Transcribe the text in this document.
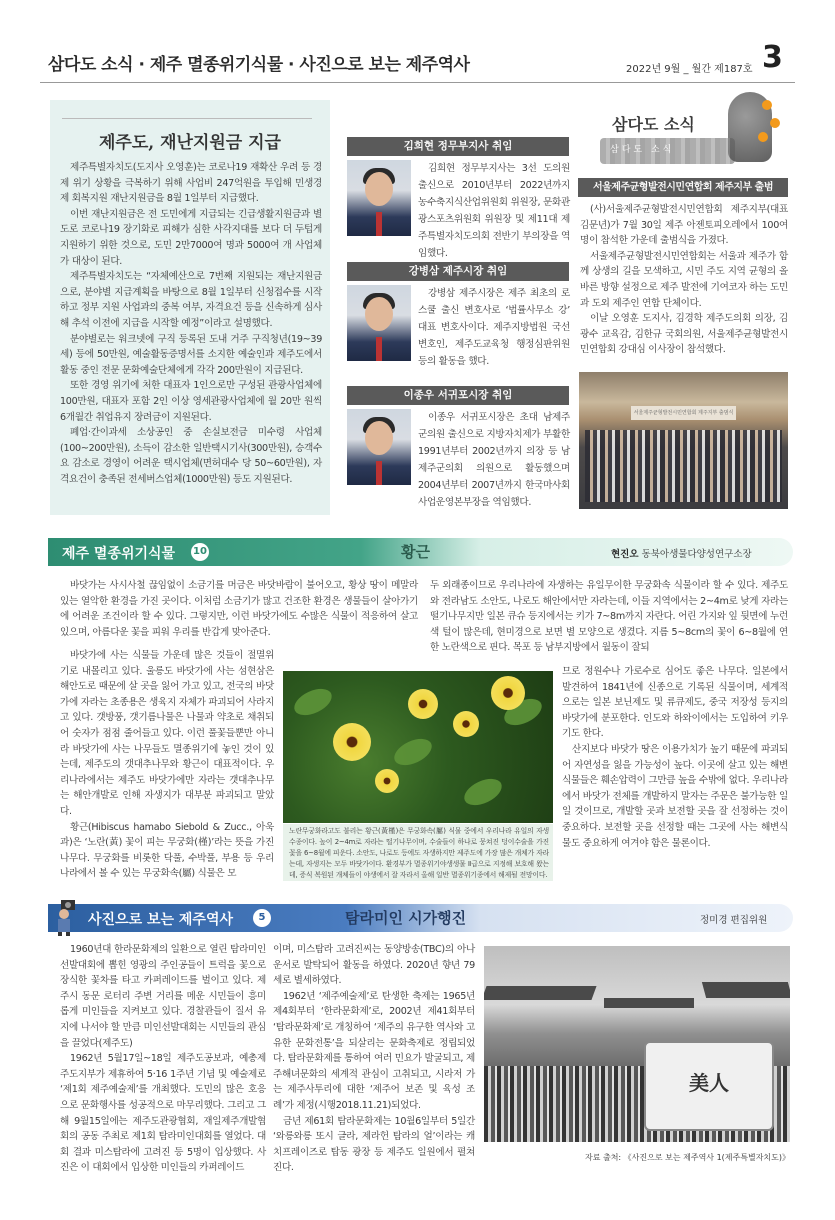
삼다도 소식 · 제주 멸종위기식물 · 사진으로 보는 제주역사	2022년 9월 _ 월간 제187호 3
제주도, 재난지원금 지급

제주특별자치도(도지사 오영훈)는 코로나19 재확산 우려 등 경제 위기 상황을 극복하기 위해 사업비 247억원을 투입해 민생경제 회복지원 재난지원금을 8월 1일부터 지급했다.

이번 재난지원금은 전 도민에게 지급되는 긴급생활지원금과 별도로 코로나19 장기화로 피해가 심한 사각지대를 보다 더 두텁게 지원하기 위한 것으로, 도민 2만7000여 명과 5000여 개 사업체가 대상이 된다.

제주특별자치도는 “자체예산으로 7번째 지원되는 재난지원금으로, 분야별 지급계획을 바탕으로 8월 1일부터 신청접수를 시작하고 정부 지원 사업과의 중복 여부, 자격요건 등을 신속하게 심사해 추석 이전에 지급을 시작할 예정”이라고 설명했다.

분야별로는 워크넷에 구직 등록된 도내 거주 구직청년(19~39세) 등에 50만원, 예술활동증명서를 소지한 예술인과 제주도에서 활동 중인 전문 문화예술단체에게 각각 200만원이 지급된다.

또한 경영 위기에 처한 대표자 1인으로만 구성된 관광사업체에 100만원, 대표자 포함 2인 이상 영세관광사업체에 월 20만 원씩 6개월간 취업유지 장려금이 지원된다.

폐업·간이과세 소상공인 중 손실보전금 미수령 사업체(100~200만원), 소득이 감소한 일반택시기사(300만원), 승객수요 감소로 경영이 어려운 택시업체(면허대수 당 50~60만원), 자격요건이 충족된 전세버스업체(1000만원) 등도 지원된다.

김희현 정무부지사 취임

김희현 정무부지사는 3선 도의원 출신으로 2010년부터 2022년까지 농수축지식산업위원회 위원장, 문화관광스포츠위원회 위원장 및 제11대 제주특별자치도의회 전반기 부의장을 역임했다.

강병삼 제주시장 취임

강병삼 제주시장은 제주 최초의 로스쿨 출신 변호사로 ‘법률사무소 강’ 대표 변호사이다. 제주지방법원 국선변호인, 제주도교육청 행정심판위원 등의 활동을 했다.

이종우 서귀포시장 취임

이종우 서귀포시장은 초대 남제주군의원 출신으로 지방자치제가 부활한 1991년부터 2002년까지 의장 등 남제주군의회 의원으로 활동했으며 2004년부터 2007년까지 한국마사회 사업운영본부장을 역임했다.

삼다도 소식
삼다도 소식
서울제주균형발전시민연합회 제주지부 출범

(사)서울제주균형발전시민연합회 제주지부(대표 김문년)가 7월 30일 제주 아젠토피오레에서 100여 명이 참석한 가운데 출범식을 가졌다.

서울제주균형발전시민연합회는 서울과 제주가 함께 상생의 길을 모색하고, 시민 주도 지역 균형의 올바른 방향 설정으로 제주 발전에 기여코자 하는 도민과 도외 제주인 연합 단체이다.

이날 오영훈 도지사, 김경학 제주도의회 의장, 김광수 교육감, 김한규 국회의원, 서울제주균형발전시민연합회 강대심 이사장이 참석했다.

서울제주균형발전시민연합회 제주지부 출범식
제주 멸종위기식물 10	황근	현진오 동북아생물다양성연구소장

바닷가는 사시사철 끊임없이 소금기를 머금은 바닷바람이 불어오고, 황상 땅이 메말라 있는 열악한 환경을 가진 곳이다. 이처럼 소금기가 많고 건조한 환경은 생물들이 살아가기에 어려운 조건이라 할 수 있다. 그렇지만, 이런 바닷가에도 수많은 식물이 적응하여 살고 있으며, 아름다운 꽃을 피워 우리를 반갑게 맞아준다.

바닷가에 사는 식물들 가운데 많은 것들이 절멸위기로 내몰리고 있다. 울릉도 바닷가에 사는 섬현삼은 해안도로 때문에 살 곳을 잃어 가고 있고, 전국의 바닷가에 자라는 초종용은 생육지 자체가 파괴되어 사라지고 있다. 갯방풍, 갯기름나물은 나물과 약초로 채취되어 숫자가 점점 줄어들고 있다. 이런 풀꽃들뿐만 아니라 바닷가에 사는 나무들도 멸종위기에 놓인 것이 있는데, 제주도의 갯대추나무와 황근이 대표적이다. 우리나라에서는 제주도 바닷가에만 자라는 갯대추나무는 해안개발로 인해 자생지가 대부분 파괴되고 말았다.

황근(Hibiscus hamabo Siebold & Zucc., 아욱과)은 ‘노란(黃) 꽃이 피는 무궁화(槿)’라는 뜻을 가진 나무다. 무궁화를 비롯한 닥풀, 수박풀, 부용 등 우리나라에서 볼 수 있는 무궁화속(屬) 식물은 모

두 외래종이므로 우리나라에 자생하는 유일무이한 무궁화속 식물이라 할 수 있다. 제주도와 전라남도 소안도, 나로도 해안에서만 자라는데, 이들 지역에서는 2~4m로 낮게 자라는 떨기나무지만 일본 큐슈 등지에서는 키가 7~8m까지 자란다. 어린 가지와 잎 뒷면에 누런색 털이 많은데, 현미경으로 보면 별 모양으로 생겼다. 지름 5~8cm의 꽃이 6~8월에 연한 노란색으로 핀다. 목포 등 남부지방에서 월동이 잘되

므로 정원수나 가로수로 심어도 좋은 나무다. 일본에서 발견하여 1841년에 신종으로 기록된 식물이며, 세계적으로는 일본 보닌제도 및 류큐제도, 중국 저장성 등지의 바닷가에 분포한다. 인도와 하와이에서는 도입하여 키우기도 한다.

산지보다 바닷가 땅은 이용가치가 높기 때문에 파괴되어 자연성을 잃을 가능성이 높다. 이곳에 살고 있는 해변식물들은 훼손압력이 그만큼 높을 수밖에 없다. 우리나라에서 바닷가 전체를 개발하지 말자는 주문은 불가능한 일일 것이므로, 개발할 곳과 보전할 곳을 잘 선정하는 것이 중요하다. 보전할 곳을 선정할 때는 그곳에 사는 해변식물도 중요하게 여겨야 함은 물론이다.

노란무궁화라고도 불리는 황근(黃槿)은 무궁화속(屬) 식물 중에서 우리나라 유일의 자생 수종이다. 높이 2~4m로 자라는 떨기나무이며, 수술들이 하나로 뭉쳐진 덩이수술을 가진 꽃을 6~8월에 피운다. 소안도, 나로도 등에도 자생하지만 제주도에 가장 많은 개체가 자라는데, 자생지는 모두 바닷가이다. 환경부가 멸종위기야생생물 Ⅱ급으로 지정해 보호해 왔는데, 증식 복원된 개체들이 야생에서 잘 자라서 올해 일반 멸종위기종에서 해제될 전망이다.
사진으로 보는 제주역사	5	탐라미인 시가행진	정미경 편집위원

1960년대 한라문화제의 일환으로 열린 탐라미인선발대회에 뽑힌 영광의 주인공들이 트럭을 꽃으로 장식한 꽃차를 타고 카퍼레이드를 벌이고 있다. 제주시 동문 로터리 주변 거리를 메운 시민들이 흥미롭게 미인들을 지켜보고 있다. 경찰관들이 질서 유지에 나서야 할 만큼 미인선발대회는 시민들의 관심을 끌었다(제주도)

1962년 5월17일~18일 제주도공보과, 예총제주도지부가 제휴하여 5·16 1주년 기념 및 예술제로 ‘제1회 제주예술제’를 개최했다. 도민의 많은 호응으로 문화행사를 성공적으로 마무리했다. 그리고 그해 9월15일에는 제주도관광협회, 재일제주개발협회의 공동 주최로 제1회 탐라미인대회를 열었다. 대회 결과 미스탐라에 고려진 등 5명이 입상했다. 사진은 이 대회에서 입상한 미인들의 카퍼레이드

이며, 미스탐라 고려진씨는 동양방송(TBC)의 아나운서로 발탁되어 활동을 하였다. 2020년 향년 79세로 별세하였다.

1962년 ‘제주예술제’로 탄생한 축제는 1965년 제4회부터 ‘한라문화제’로, 2002년 제41회부터 ‘탐라문화제’로 개칭하여 ‘제주의 유구한 역사와 고유한 문화전통’을 되살리는 문화축제로 정립되었다. 탐라문화제를 통하여 여러 민요가 발굴되고, 제주해녀문화의 세계적 관심이 고취되고, 시라저 가는 제주사투리에 대한 ‘제주어 보존 및 육성 조례’가 제정(시행2018.11.21)되었다.

금년 제61회 탐라문화제는 10월6일부터 5일간 ‘와릉와릉 또시 글라, 제라헌 탐라의 얼’이라는 캐치프레이즈로 탑동 광장 등 제주도 일원에서 펼쳐진다.

美人
자료 출처: 《사진으로 보는 제주역사 1(제주특별자치도)》
